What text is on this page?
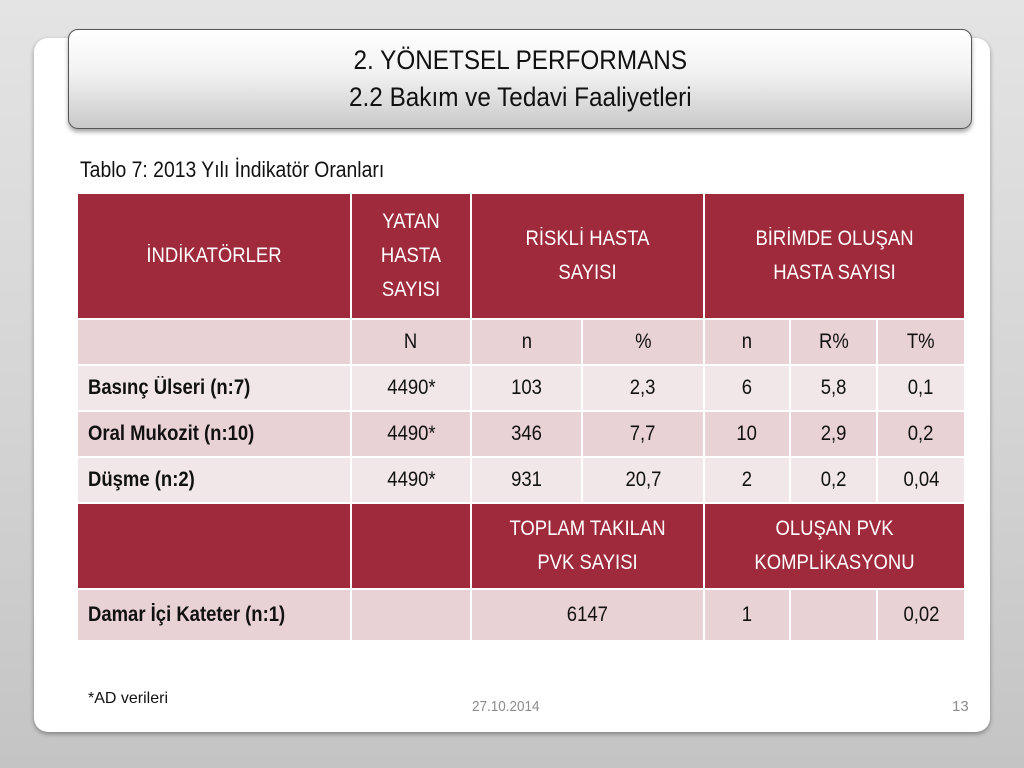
2. YÖNETSEL PERFORMANS
2.2 Bakım ve Tedavi Faaliyetleri
Tablo 7: 2013 Yılı İndikatör Oranları
İNDİKATÖRLER	YATAN HASTA SAYISI	RİSKLİ HASTA SAYISI		BİRİMDE OLUŞAN HASTA SAYISI		

	N	n	%	n	R%	T%
Basınç Ülseri (n:7)	4490*	103	2,3	6	5,8	0,1
Oral Mukozit (n:10)	4490*	346	7,7	10	2,9	0,2
Düşme (n:2)	4490*	931	20,7	2	0,2	0,04

		TOPLAM TAKILAN PVK SAYISI		OLUŞAN PVK KOMPLİKASYONU		

Damar İçi Kateter (n:1)		6147		1		0,02
*AD verileri	27.10.2014	13
